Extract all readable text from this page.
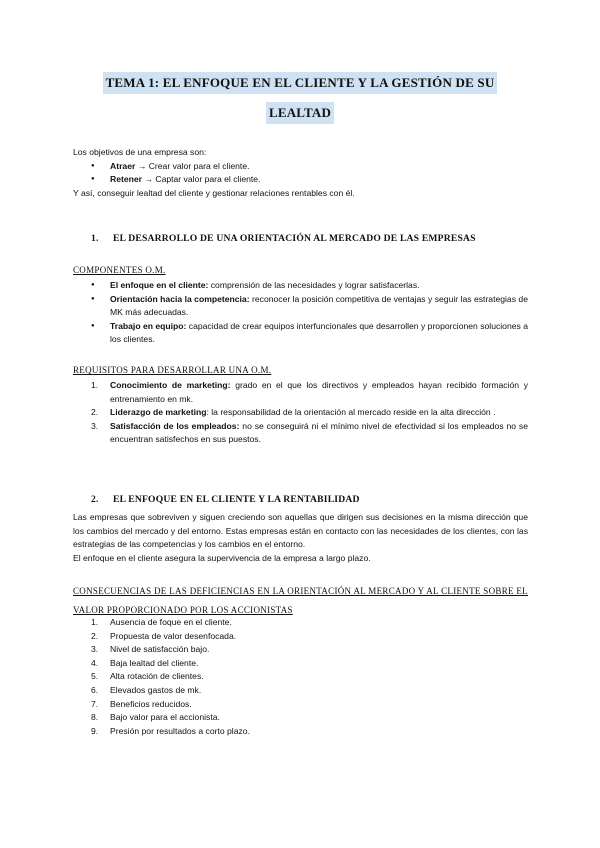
TEMA 1: EL ENFOQUE EN EL CLIENTE Y LA GESTIÓN DE SU
LEALTAD

Los objetivos de una empresa son:

● Atraer → Crear valor para el cliente.
● Retener → Captar valor para el cliente.

Y así, conseguir lealtad del cliente y gestionar relaciones rentables con él.

1. EL DESARROLLO DE UNA ORIENTACIÓN AL MERCADO DE LAS EMPRESAS
COMPONENTES O.M.
● El enfoque en el cliente: comprensión de las necesidades y lograr satisfacerlas.
● Orientación hacia la competencia: reconocer la posición competitiva de ventajas y seguir las estrategias de MK más adecuadas.
● Trabajo en equipo: capacidad de crear equipos interfuncionales que desarrollen y proporcionen soluciones a los clientes.
REQUISITOS PARA DESARROLLAR UNA O.M.
1. Conocimiento de marketing: grado en el que los directivos y empleados hayan recibido formación y entrenamiento en mk.
2. Liderazgo de marketing: la responsabilidad de la orientación al mercado reside en la alta dirección .
3. Satisfacción de los empleados: no se conseguirá ni el mínimo nivel de efectividad si los empleados no se encuentran satisfechos en sus puestos.
2. EL ENFOQUE EN EL CLIENTE Y LA RENTABILIDAD

Las empresas que sobreviven y siguen creciendo son aquellas que dirigen sus decisiones en la misma dirección que los cambios del mercado y del entorno. Estas empresas están en contacto con las necesidades de los clientes, con las estrategias de las competencias y los cambios en el entorno.

El enfoque en el cliente asegura la supervivencia de la empresa a largo plazo.

CONSECUENCIAS DE LAS DEFICIENCIAS EN LA ORIENTACIÓN AL MERCADO Y AL CLIENTE SOBRE EL VALOR PROPORCIONADO POR LOS ACCIONISTAS
1. Ausencia de foque en el cliente.
2. Propuesta de valor desenfocada.
3. Nivel de satisfacción bajo.
4. Baja lealtad del cliente.
5. Alta rotación de clientes.
6. Elevados gastos de mk.
7. Beneficios reducidos.
8. Bajo valor para el accionista.
9. Presión por resultados a corto plazo.
